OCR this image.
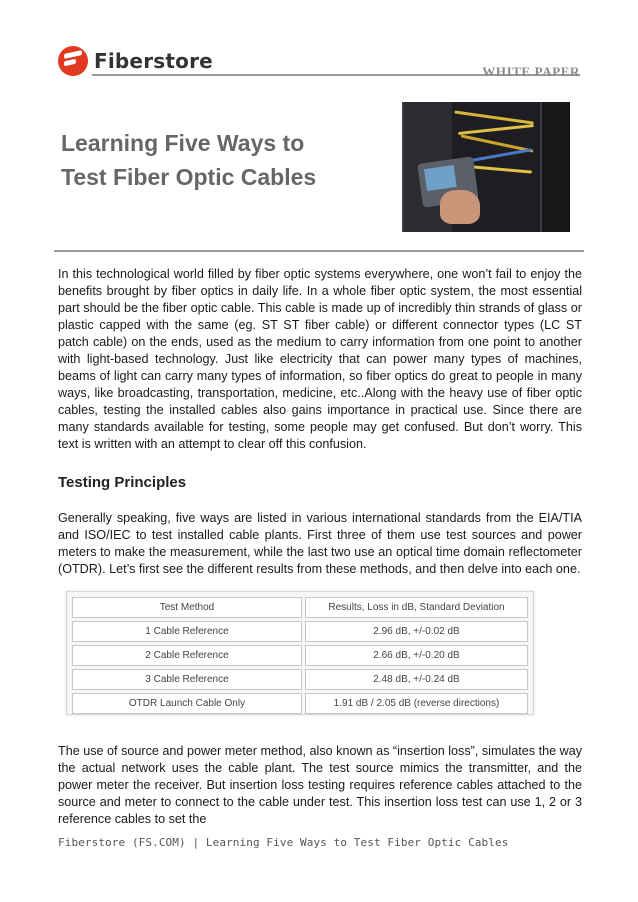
Fiberstore	WHITE PAPER
Learning Five Ways to
Test Fiber Optic Cables

In this technological world filled by fiber optic systems everywhere, one won’t fail to enjoy the benefits brought by fiber optics in daily life. In a whole fiber optic system, the most essential part should be the fiber optic cable. This cable is made up of incredibly thin strands of glass or plastic capped with the same (eg. ST ST fiber cable) or different connector types (LC ST patch cable) on the ends, used as the medium to carry information from one point to another with light-based technology. Just like electricity that can power many types of machines, beams of light can carry many types of information, so fiber optics do great to people in many ways, like broadcasting, transportation, medicine, etc..Along with the heavy use of fiber optic cables, testing the installed cables also gains importance in practical use. Since there are many standards available for testing, some people may get confused. But don’t worry. This text is written with an attempt to clear off this confusion.

Testing Principles

Generally speaking, five ways are listed in various international standards from the EIA/TIA and ISO/IEC to test installed cable plants. First three of them use test sources and power meters to make the measurement, while the last two use an optical time domain reflectometer (OTDR). Let’s first see the different results from these methods, and then delve into each one.

Test Method	Results, Loss in dB, Standard Deviation
1 Cable Reference	2.96 dB, +/-0.02 dB
2 Cable Reference	2.66 dB, +/-0.20 dB
3 Cable Reference	2.48 dB, +/-0.24 dB
OTDR Launch Cable Only	1.91 dB / 2.05 dB (reverse directions)

The use of source and power meter method, also known as “insertion loss”, simulates the way the actual network uses the cable plant. The test source mimics the transmitter, and the power meter the receiver. But insertion loss testing requires reference cables attached to the source and meter to connect to the cable under test. This insertion loss test can use 1, 2 or 3 reference cables to set the

Fiberstore (FS.COM) | Learning Five Ways to Test Fiber Optic Cables
